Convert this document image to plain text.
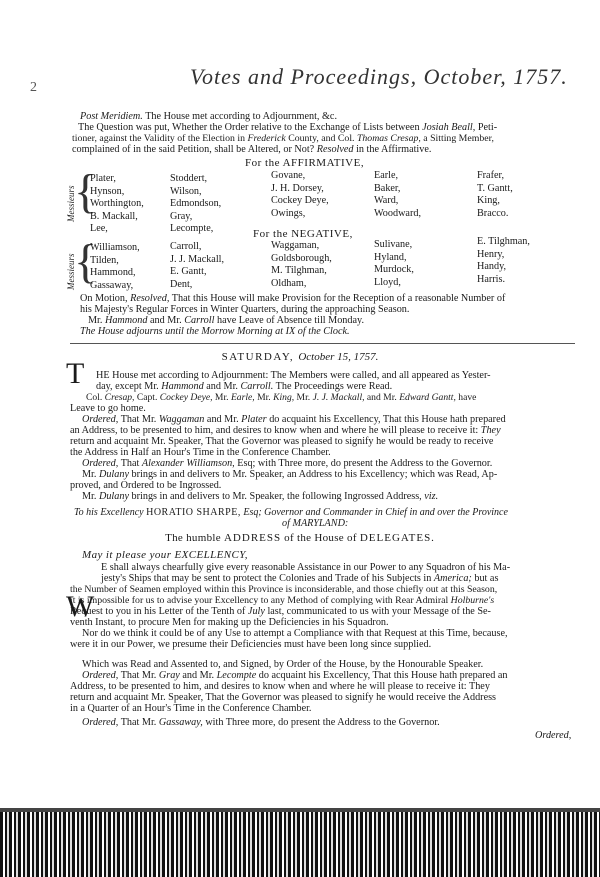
2	Votes and Proceedings, October, 1757.
Post Meridiem. The House met according to Adjournment, &c.
The Question was put, Whether the Order relative to the Exchange of Lists between Josiah Beall, Peti-
tioner, against the Validity of the Election in Frederick County, and Col. Thomas Cresap, a Sitting Member,
complained of in the said Petition, shall be Altered, or Not? Resolved in the Affirmative.
For the AFFIRMATIVE,
Messieurs
{
Plater,
Hynson,
Worthington,
B. Mackall,
Lee,
Stoddert,
Wilson,
Edmondson,
Gray,
Lecompte,
Govane,
J. H. Dorsey,
Cockey Deye,
Owings,
Earle,
Baker,
Ward,
Woodward,
Frafer,
T. Gantt,
King,
Bracco.
For the NEGATIVE,
Messieurs
{
Williamson,
Tilden,
Hammond,
Gassaway,
Carroll,
J. J. Mackall,
E. Gantt,
Dent,
Waggaman,
Goldsborough,
M. Tilghman,
Oldham,
Sulivane,
Hyland,
Murdock,
Lloyd,
E. Tilghman,
Henry,
Handy,
Harris.
On Motion, Resolved, That this House will make Provision for the Reception of a reasonable Number of
his Majesty's Regular Forces in Winter Quarters, during the approaching Season.
Mr. Hammond and Mr. Carroll have Leave of Absence till Monday.
The House adjourns until the Morrow Morning at IX of the Clock.
SATURDAY, October 15, 1757.
T HE House met according to Adjournment: The Members were called, and all appeared as Yester-
day, except Mr. Hammond and Mr. Carroll. The Proceedings were Read.
Col. Cresap, Capt. Cockey Deye, Mr. Earle, Mr. King, Mr. J. J. Mackall, and Mr. Edward Gantt, have
Leave to go home.
Ordered, That Mr. Waggaman and Mr. Plater do acquaint his Excellency, That this House hath prepared
an Address, to be presented to him, and desires to know when and where he will please to receive it: They
return and acquaint Mr. Speaker, That the Governor was pleased to signify he would be ready to receive
the Address in Half an Hour's Time in the Conference Chamber.
Ordered, That Alexander Williamson, Esq; with Three more, do present the Address to the Governor.
Mr. Dulany brings in and delivers to Mr. Speaker, an Address to his Excellency; which was Read, Ap-
proved, and Ordered to be Ingrossed.
Mr. Dulany brings in and delivers to Mr. Speaker, the following Ingrossed Address, viz.
To his Excellency HORATIO SHARPE, Esq; Governor and Commander in Chief in and over the Province
of MARYLAND:
The humble ADDRESS of the House of DELEGATES.
May it please your EXCELLENCY,
W
E shall always chearfully give every reasonable Assistance in our Power to any Squadron of his Ma-
jesty's Ships that may be sent to protect the Colonies and Trade of his Subjects in America; but as
the Number of Seamen employed within this Province is inconsiderable, and those chiefly out at this Season,
it is impossible for us to advise your Excellency to any Method of complying with Rear Admiral Holburne's
Request to you in his Letter of the Tenth of July last, communicated to us with your Message of the Se-
venth Instant, to procure Men for making up the Deficiencies in his Squadron.
Nor do we think it could be of any Use to attempt a Compliance with that Request at this Time, because,
were it in our Power, we presume their Deficiencies must have been long since supplied.
Which was Read and Assented to, and Signed, by Order of the House, by the Honourable Speaker.
Ordered, That Mr. Gray and Mr. Lecompte do acquaint his Excellency, That this House hath prepared an
Address, to be presented to him, and desires to know when and where he will please to receive it: They
return and acquaint Mr. Speaker, That the Governor was pleased to signify he would receive the Address
in a Quarter of an Hour's Time in the Conference Chamber.
Ordered, That Mr. Gassaway, with Three more, do present the Address to the Governor.
Ordered,
